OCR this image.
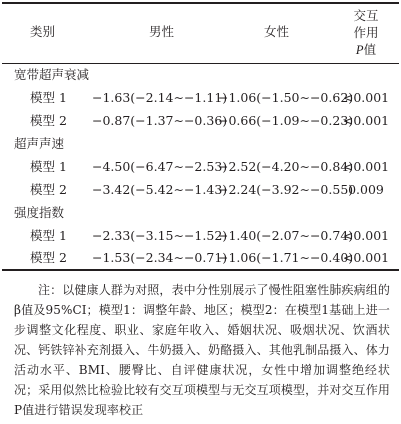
类别	男性	女性
交互
作用
P值
宽带超声衰减
模型 1 −1.63(−2.14∼−1.11)
−1.06(−1.50∼−0.62)
<0.001
模型 2 −0.87(−1.37∼−0.36)
−0.66(−1.09∼−0.23)
<0.001
超声声速
模型 1 −4.50(−6.47∼−2.53)
−2.52(−4.20∼−0.84)
<0.001
模型 2 −3.42(−5.42∼−1.43)
−2.24(−3.92∼−0.55)
0.009
强度指数
模型 1 −2.33(−3.15∼−1.52)
−1.40(−2.07∼−0.74)
<0.001
模型 2 −1.53(−2.34∼−0.71)
−1.06(−1.71∼−0.40)
<0.001
注：以健康人群为对照，表中分性别展示了慢性阻塞性肺疾病组的β值及95%CI；模型1：调整年龄、地区；模型2：在模型1基础上进一步调整文化程度、职业、家庭年收入、婚姻状况、吸烟状况、饮酒状况、钙铁锌补充剂摄入、牛奶摄入、奶酪摄入、其他乳制品摄入、体力活动水平、BMI、腰臀比、自评健康状况，女性中增加调整绝经状况；采用似然比检验比较有交互项模型与无交互项模型，并对交互作用P值进行错误发现率校正
